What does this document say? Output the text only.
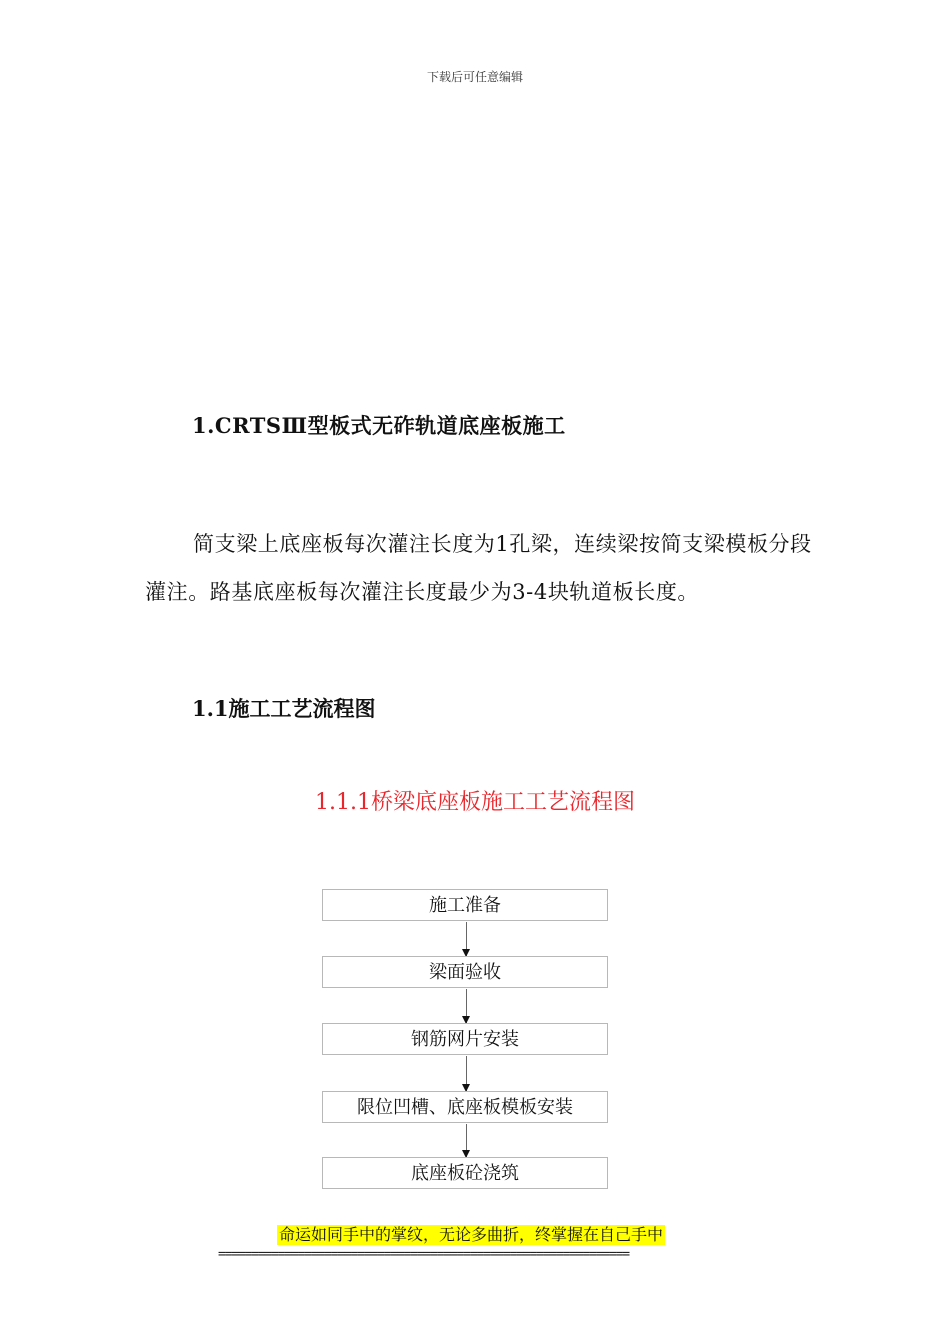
下载后可任意编辑
1.CRTSⅢ型板式无砟轨道底座板施工
简支梁上底座板每次灌注长度为1孔梁，连续梁按简支梁模板分段灌注。路基底座板每次灌注长度最少为3-4块轨道板长度。
1.1施工工艺流程图
1.1.1桥梁底座板施工工艺流程图
施工准备
梁面验收
钢筋网片安装
限位凹槽、底座板模板安装
底座板砼浇筑
命运如同手中的掌纹，无论多曲折，终掌握在自己手中
==============================================================
